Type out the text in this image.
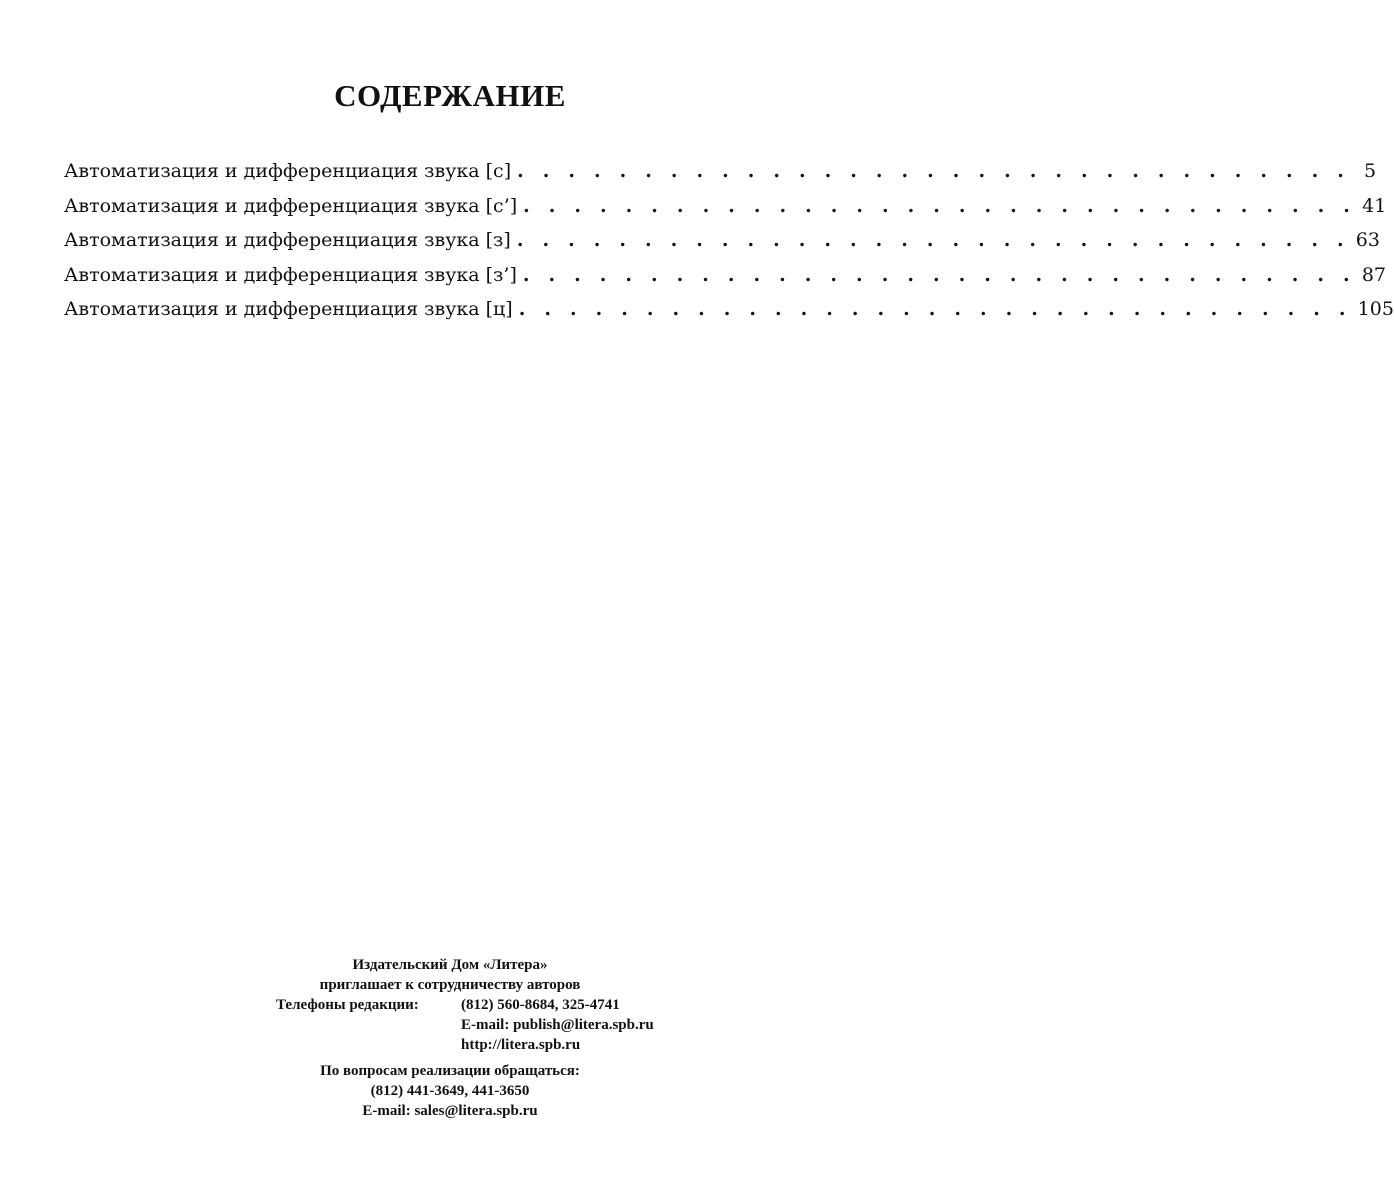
СОДЕРЖАНИЕ
Автоматизация и дифференциация звука [с] . . . . . . . . . . . . . . . . . . . . . . . . . . . . . . . . . 5
Автоматизация и дифференциация звука [с’] . . . . . . . . . . . . . . . . . . . . . . . . . . . . . . . . . 41
Автоматизация и дифференциация звука [з] . . . . . . . . . . . . . . . . . . . . . . . . . . . . . . . . . 63
Автоматизация и дифференциация звука [з’] . . . . . . . . . . . . . . . . . . . . . . . . . . . . . . . . . 87
Автоматизация и дифференциация звука [ц] . . . . . . . . . . . . . . . . . . . . . . . . . . . . . . . . . 105
Издательский Дом «Литера»
приглашает к сотрудничеству авторов
Телефоны редакции:	(812) 560-8684, 325-4741
E-mail: publish@litera.spb.ru
http://litera.spb.ru
По вопросам реализации обращаться:
(812) 441-3649, 441-3650
E-mail: sales@litera.spb.ru
